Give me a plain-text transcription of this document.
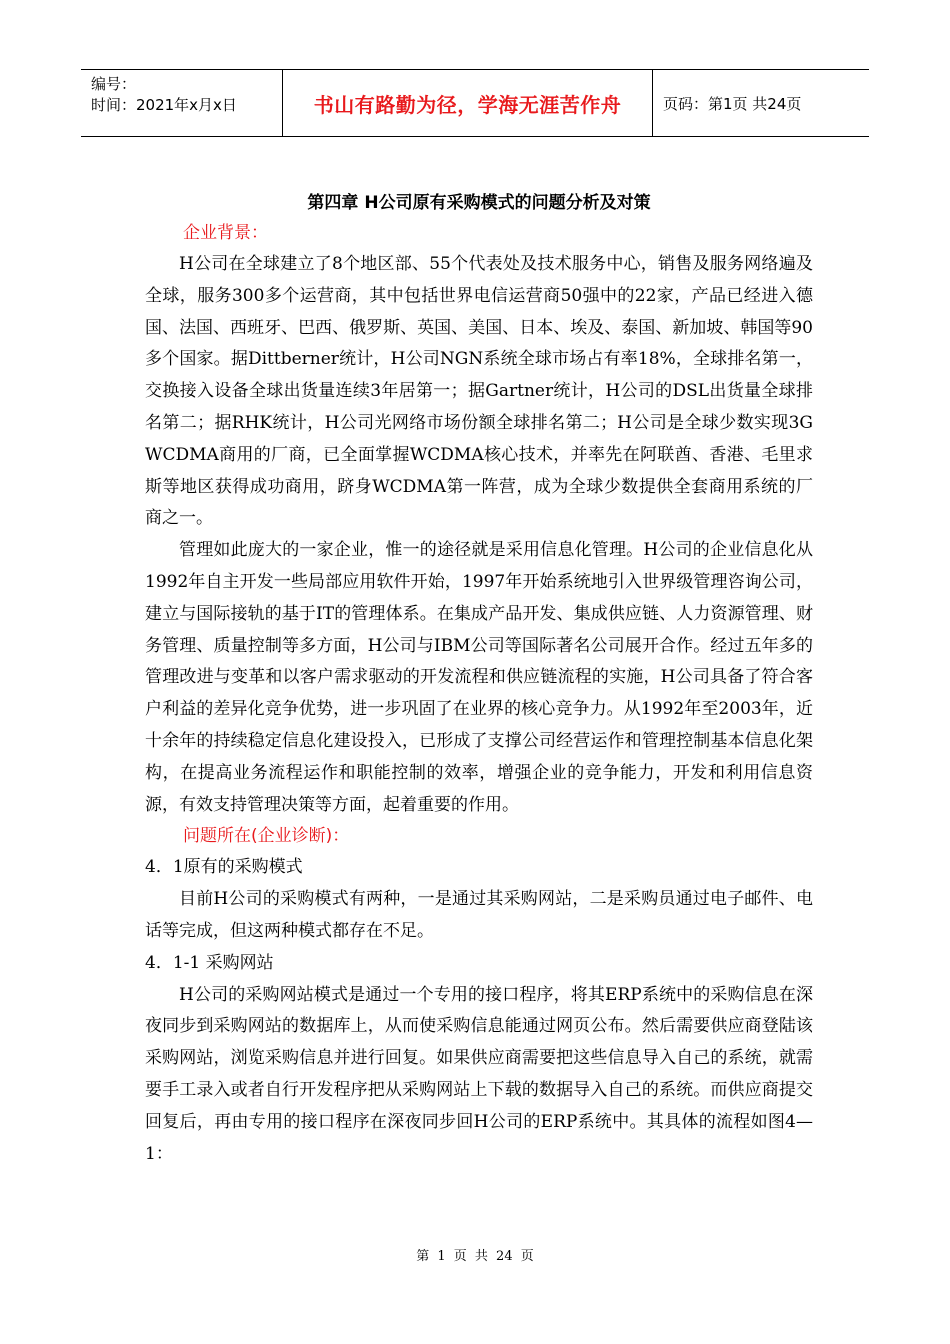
编号：
时间：2021年x月x日	书山有路勤为径，学海无涯苦作舟	页码：第1页 共24页
第四章 H公司原有采购模式的问题分析及对策
企业背景：

H公司在全球建立了8个地区部、55个代表处及技术服务中心，销售及服务网络遍及全球，服务300多个运营商，其中包括世界电信运营商50强中的22家，产品已经进入德国、法国、西班牙、巴西、俄罗斯、英国、美国、日本、埃及、泰国、新加坡、韩国等90多个国家。据Dittberner统计，H公司NGN系统全球市场占有率18%，全球排名第一，交换接入设备全球出货量连续3年居第一；据Gartner统计，H公司的DSL出货量全球排名第二；据RHK统计，H公司光网络市场份额全球排名第二；H公司是全球少数实现3G WCDMA商用的厂商，已全面掌握WCDMA核心技术，并率先在阿联酋、香港、毛里求斯等地区获得成功商用，跻身WCDMA第一阵营，成为全球少数提供全套商用系统的厂商之一。

管理如此庞大的一家企业，惟一的途径就是采用信息化管理。H公司的企业信息化从1992年自主开发一些局部应用软件开始，1997年开始系统地引入世界级管理咨询公司，建立与国际接轨的基于IT的管理体系。在集成产品开发、集成供应链、人力资源管理、财务管理、质量控制等多方面，H公司与IBM公司等国际著名公司展开合作。经过五年多的管理改进与变革和以客户需求驱动的开发流程和供应链流程的实施，H公司具备了符合客户利益的差异化竞争优势，进一步巩固了在业界的核心竞争力。从1992年至2003年，近十余年的持续稳定信息化建设投入，已形成了支撑公司经营运作和管理控制基本信息化架构，在提高业务流程运作和职能控制的效率，增强企业的竞争能力，开发和利用信息资源，有效支持管理决策等方面，起着重要的作用。

问题所在(企业诊断)：

4．1原有的采购模式

目前H公司的采购模式有两种，一是通过其采购网站，二是采购员通过电子邮件、电话等完成，但这两种模式都存在不足。

4．1-1 采购网站

H公司的采购网站模式是通过一个专用的接口程序，将其ERP系统中的采购信息在深夜同步到采购网站的数据库上，从而使采购信息能通过网页公布。然后需要供应商登陆该采购网站，浏览采购信息并进行回复。如果供应商需要把这些信息导入自己的系统，就需要手工录入或者自行开发程序把从采购网站上下载的数据导入自己的系统。而供应商提交回复后，再由专用的接口程序在深夜同步回H公司的ERP系统中。其具体的流程如图4—1：

第 1 页 共 24 页
